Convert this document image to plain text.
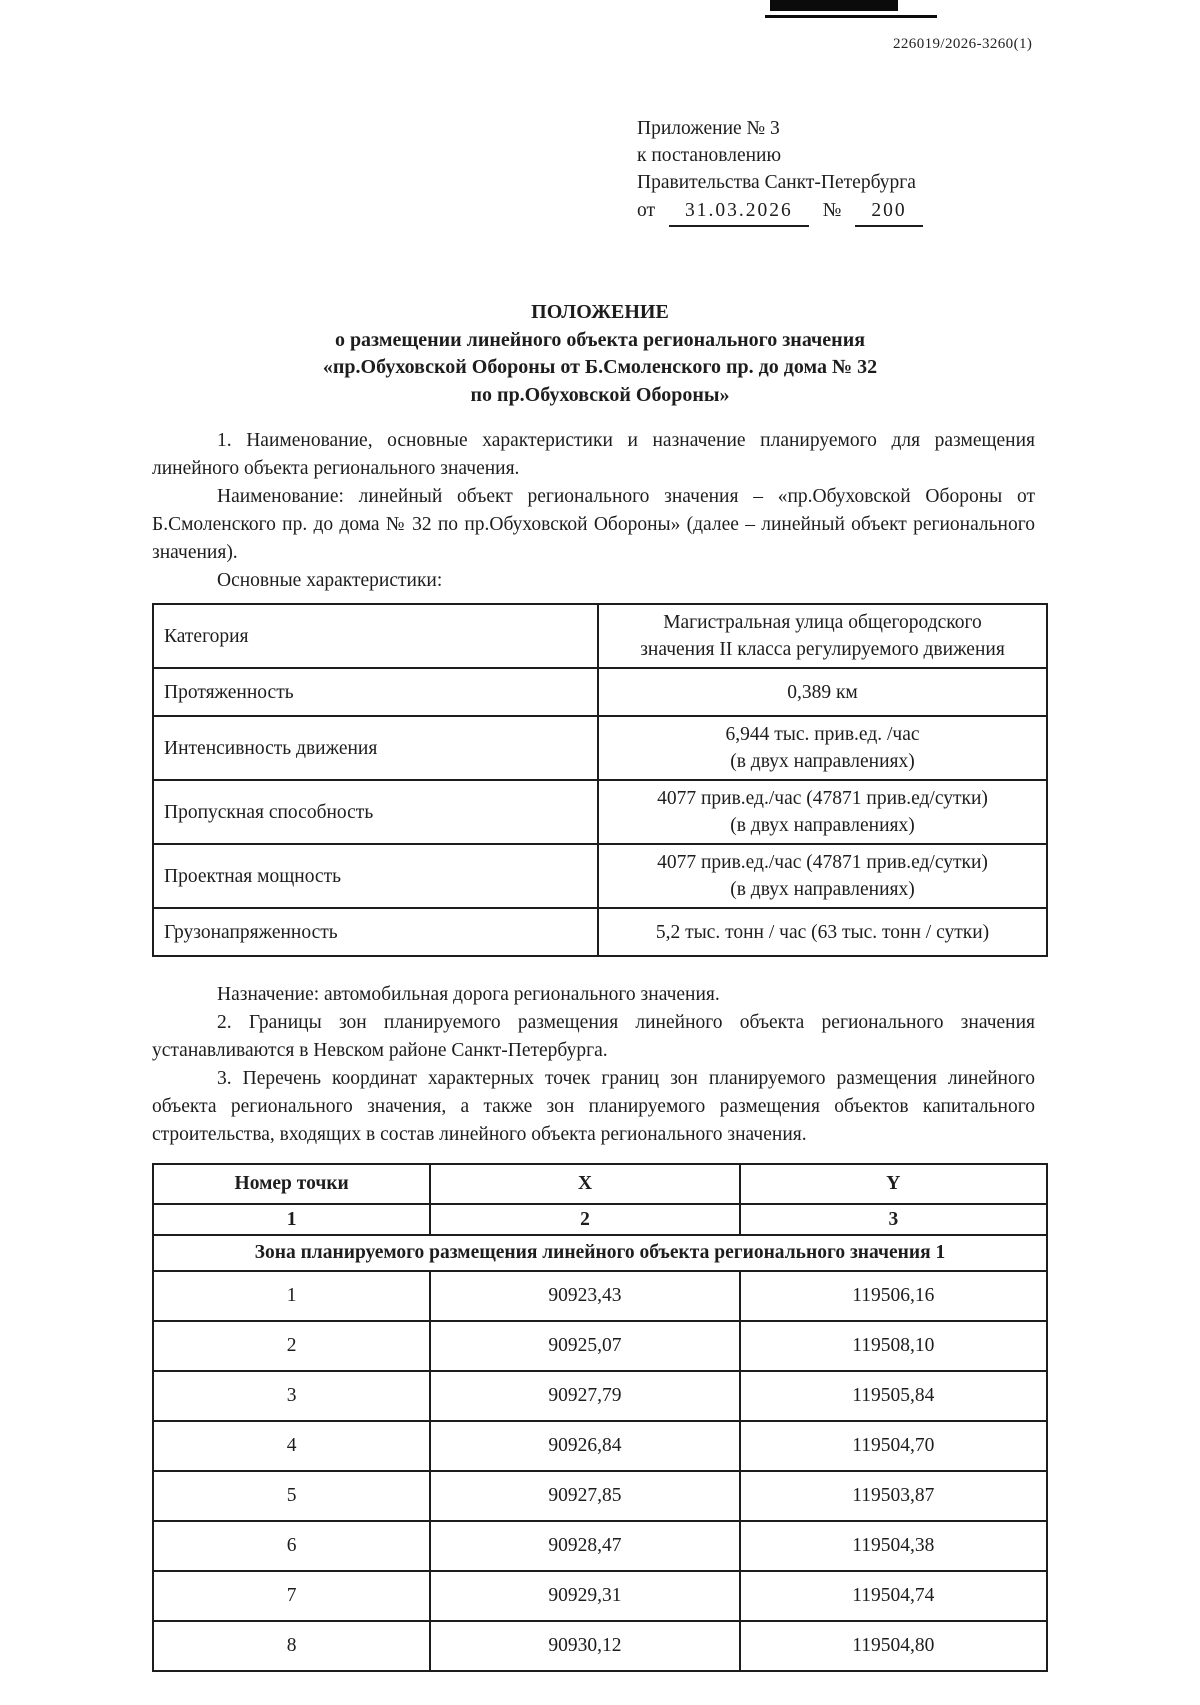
226019/2026-3260(1)
Приложение № 3
к постановлению
Правительства Санкт-Петербурга
от 31.03.2026 № 200
ПОЛОЖЕНИЕ
о размещении линейного объекта регионального значения
«пр.Обуховской Обороны от Б.Смоленского пр. до дома № 32
по пр.Обуховской Обороны»

1. Наименование, основные характеристики и назначение планируемого для размещения линейного объекта регионального значения.

Наименование: линейный объект регионального значения – «пр.Обуховской Обороны от Б.Смоленского пр. до дома № 32 по пр.Обуховской Обороны» (далее – линейный объект регионального значения).

Основные характеристики:

Категория	Магистральная улица общегородского
значения II класса регулируемого движения

Протяженность	0,389 км

Интенсивность движения	6,944 тыс. прив.ед. /час
(в двух направлениях)

Пропускная способность	4077 прив.ед./час (47871 прив.ед/сутки)
(в двух направлениях)

Проектная мощность	4077 прив.ед./час (47871 прив.ед/сутки)
(в двух направлениях)

Грузонапряженность	5,2 тыс. тонн / час (63 тыс. тонн / сутки)

Назначение: автомобильная дорога регионального значения.

2. Границы зон планируемого размещения линейного объекта регионального значения устанавливаются в Невском районе Санкт-Петербурга.

3. Перечень координат характерных точек границ зон планируемого размещения линейного объекта регионального значения, а также зон планируемого размещения объектов капитального строительства, входящих в состав линейного объекта регионального значения.

Номер точки	X	Y
1	2	3
Зона планируемого размещения линейного объекта регионального значения 1		
1	90923,43	119506,16
2	90925,07	119508,10
3	90927,79	119505,84
4	90926,84	119504,70
5	90927,85	119503,87
6	90928,47	119504,38
7	90929,31	119504,74
8	90930,12	119504,80
